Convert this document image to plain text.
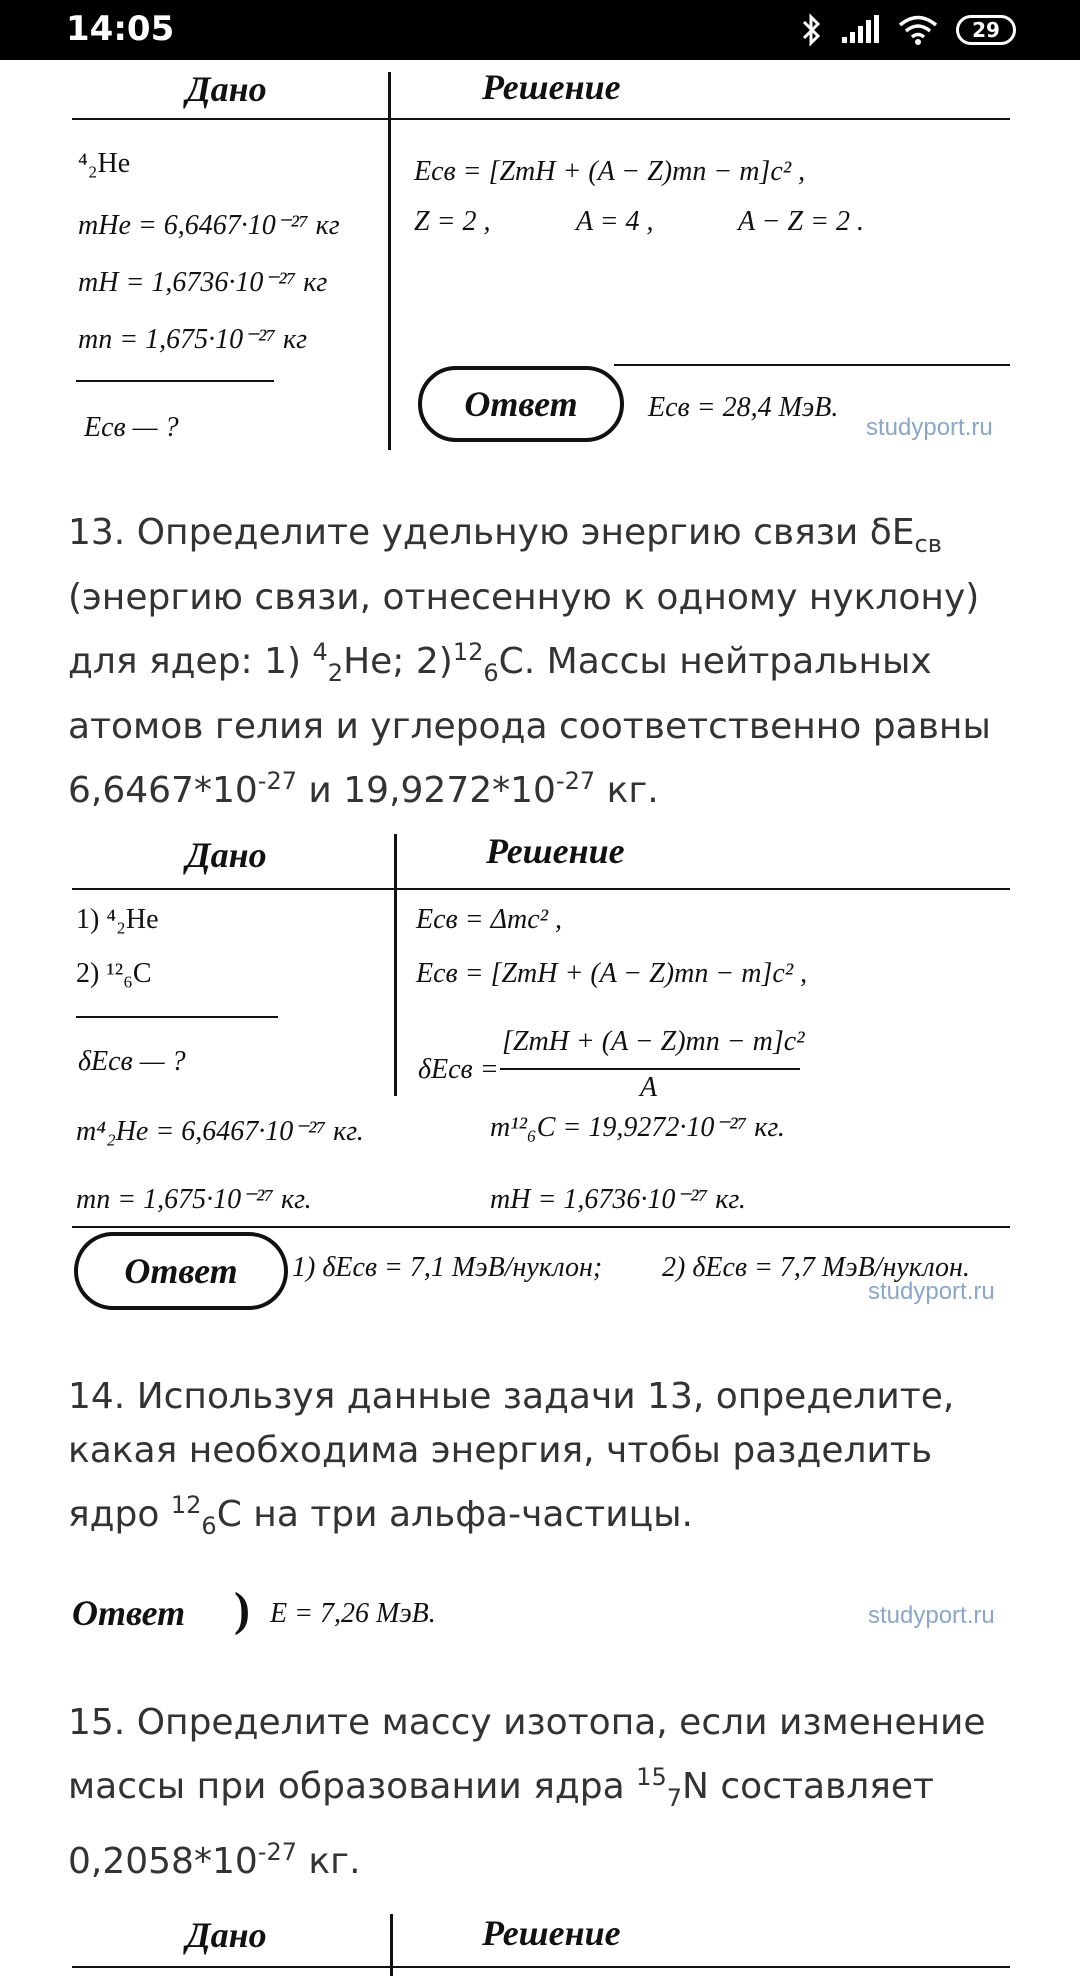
14:05	29
Дано	Решение
⁴₂He
mHe = 6,6467·10⁻²⁷ кг
mH = 1,6736·10⁻²⁷ кг
mn = 1,675·10⁻²⁷ кг
Eсв — ?
Eсв = [ZmH + (A − Z)mn − m]c² ,
Z = 2 ,	A = 4 ,	A − Z = 2 .
Ответ	Eсв = 28,4 МэВ.
studyport.ru

13. Определите удельную энергию связи $\delta E_{св}$ (энергию связи, отнесенную к одному нуклону) для ядер: 1) $^4_2$He; 2)$^{12}_6$C. Массы нейтральных атомов гелия и углерода соответственно равны $6,6467*10^{-27}$ и $19,9272*10^{-27}$ кг.

Дано	Решение
1) ⁴₂He
2) ¹²₆C
δEсв — ?
Eсв = Δmc² ,
Eсв = [ZmH + (A − Z)mn − m]c² ,
δEсв =
[ZmH + (A − Z)mn − m]c²
A
m⁴₂He = 6,6467·10⁻²⁷ кг.	m¹²₆C = 19,9272·10⁻²⁷ кг.
mn = 1,675·10⁻²⁷ кг.	mH = 1,6736·10⁻²⁷ кг.
Ответ	1) δEсв = 7,1 МэВ/нуклон; 2) δEсв = 7,7 МэВ/нуклон.
studyport.ru

14. Используя данные задачи 13, определите, какая необходима энергия, чтобы разделить ядро $^{12}_6$C на три альфа-частицы.

Ответ ) E = 7,26 МэВ.	studyport.ru

15. Определите массу изотопа, если изменение массы при образовании ядра $^{15}_7$N составляет $0,2058*10^{-27}$ кг.

Дано	Решение
